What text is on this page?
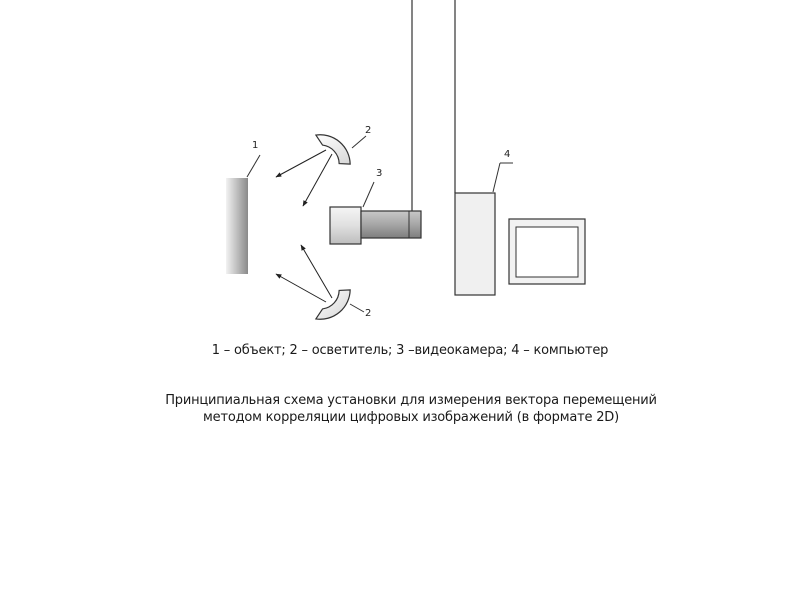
1
2
2
3
4
1 – объект; 2 – осветитель; 3 –видеокамера; 4 – компьютер
Принципиальная схема установки для измерения вектора перемещений
методом корреляции цифровых изображений (в формате 2D)
